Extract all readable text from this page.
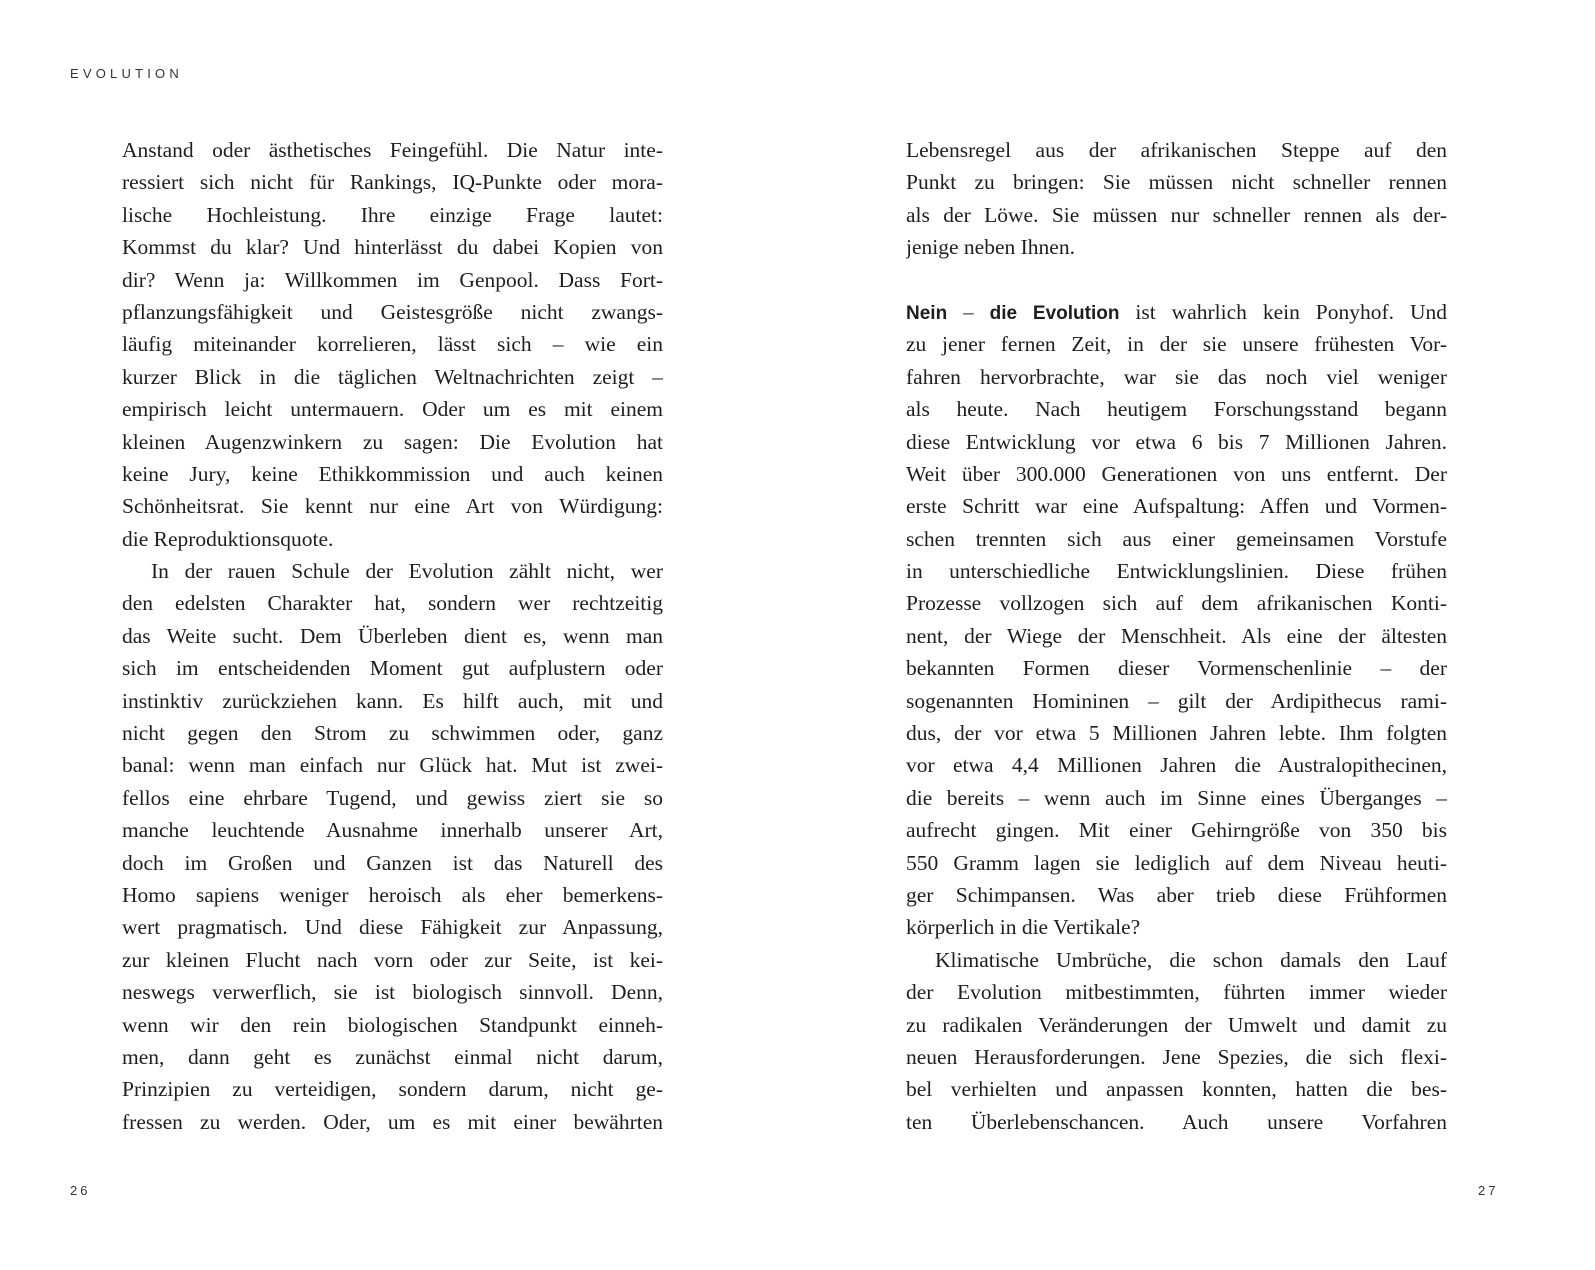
EVOLUTION
Anstand oder ästhetisches Feingefühl. Die Natur inte-
ressiert sich nicht für Rankings, IQ-Punkte oder mora-
lische Hochleistung. Ihre einzige Frage lautet:
Kommst du klar? Und hinterlässt du dabei Kopien von
dir? Wenn ja: Willkommen im Genpool. Dass Fort-
pflanzungsfähigkeit und Geistesgröße nicht zwangs-
läufig miteinander korrelieren, lässt sich – wie ein
kurzer Blick in die täglichen Weltnachrichten zeigt –
empirisch leicht untermauern. Oder um es mit einem
kleinen Augenzwinkern zu sagen: Die Evolution hat
keine Jury, keine Ethikkommission und auch keinen
Schönheitsrat. Sie kennt nur eine Art von Würdigung:
die Reproduktionsquote.
In der rauen Schule der Evolution zählt nicht, wer
den edelsten Charakter hat, sondern wer rechtzeitig
das Weite sucht. Dem Überleben dient es, wenn man
sich im entscheidenden Moment gut aufplustern oder
instinktiv zurückziehen kann. Es hilft auch, mit und
nicht gegen den Strom zu schwimmen oder, ganz
banal: wenn man einfach nur Glück hat. Mut ist zwei-
fellos eine ehrbare Tugend, und gewiss ziert sie so
manche leuchtende Ausnahme innerhalb unserer Art,
doch im Großen und Ganzen ist das Naturell des
Homo sapiens weniger heroisch als eher bemerkens-
wert pragmatisch. Und diese Fähigkeit zur Anpassung,
zur kleinen Flucht nach vorn oder zur Seite, ist kei-
neswegs verwerflich, sie ist biologisch sinnvoll. Denn,
wenn wir den rein biologischen Standpunkt einneh-
men, dann geht es zunächst einmal nicht darum,
Prinzipien zu verteidigen, sondern darum, nicht ge-
fressen zu werden. Oder, um es mit einer bewährten
Lebensregel aus der afrikanischen Steppe auf den
Punkt zu bringen: Sie müssen nicht schneller rennen
als der Löwe. Sie müssen nur schneller rennen als der-
jenige neben Ihnen.
Nein – die Evolution ist wahrlich kein Ponyhof. Und
zu jener fernen Zeit, in der sie unsere frühesten Vor-
fahren hervorbrachte, war sie das noch viel weniger
als heute. Nach heutigem Forschungsstand begann
diese Entwicklung vor etwa 6 bis 7 Millionen Jahren.
Weit über 300.000 Generationen von uns entfernt. Der
erste Schritt war eine Aufspaltung: Affen und Vormen-
schen trennten sich aus einer gemeinsamen Vorstufe
in unterschiedliche Entwicklungslinien. Diese frühen
Prozesse vollzogen sich auf dem afrikanischen Konti-
nent, der Wiege der Menschheit. Als eine der ältesten
bekannten Formen dieser Vormenschenlinie – der
sogenannten Homininen – gilt der Ardipithecus rami-
dus, der vor etwa 5 Millionen Jahren lebte. Ihm folgten
vor etwa 4,4 Millionen Jahren die Australopithecinen,
die bereits – wenn auch im Sinne eines Überganges –
aufrecht gingen. Mit einer Gehirngröße von 350 bis
550 Gramm lagen sie lediglich auf dem Niveau heuti-
ger Schimpansen. Was aber trieb diese Frühformen
körperlich in die Vertikale?
Klimatische Umbrüche, die schon damals den Lauf
der Evolution mitbestimmten, führten immer wieder
zu radikalen Veränderungen der Umwelt und damit zu
neuen Herausforderungen. Jene Spezies, die sich flexi-
bel verhielten und anpassen konnten, hatten die bes-
ten Überlebenschancen. Auch unsere Vorfahren
26	27
